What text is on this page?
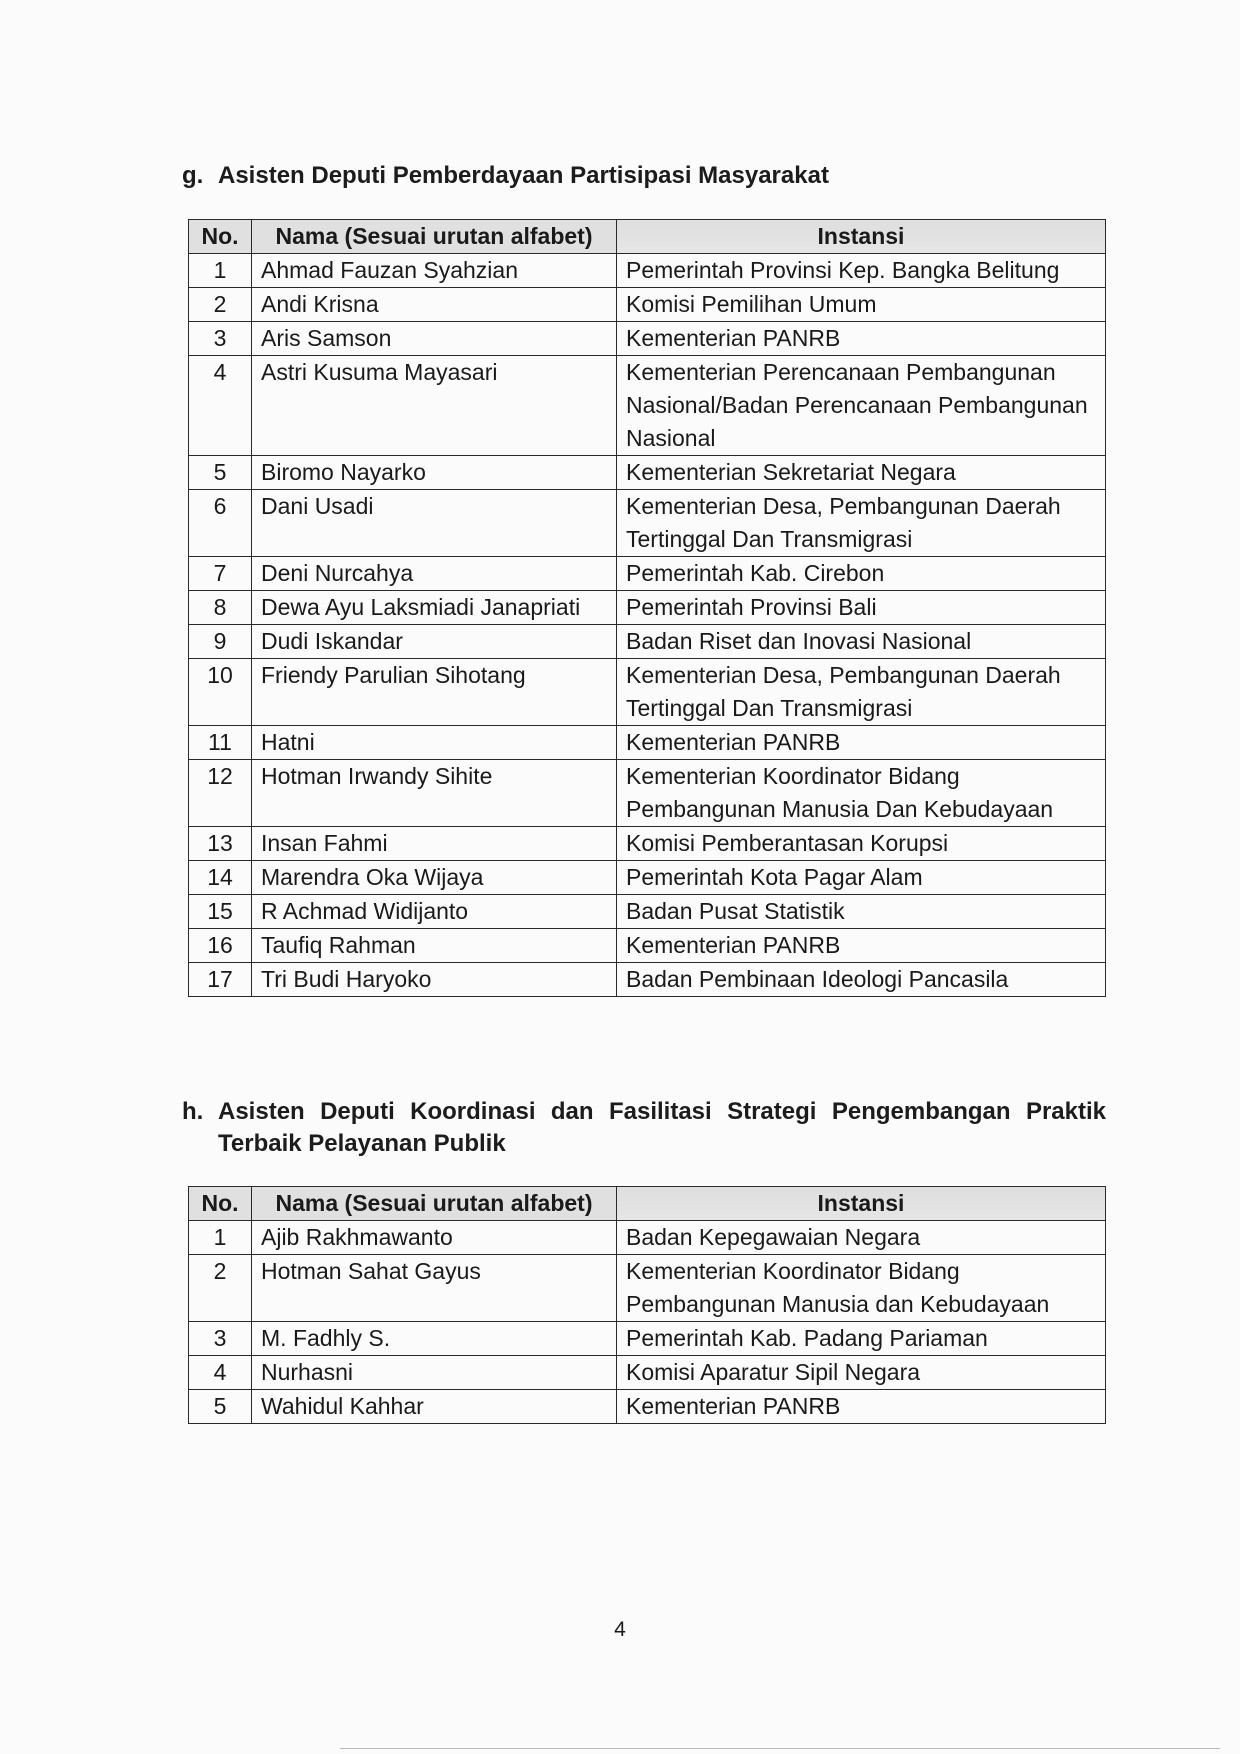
g. Asisten Deputi Pemberdayaan Partisipasi Masyarakat
No.	Nama (Sesuai urutan alfabet)	Instansi
1	Ahmad Fauzan Syahzian	Pemerintah Provinsi Kep. Bangka Belitung
2	Andi Krisna	Komisi Pemilihan Umum
3	Aris Samson	Kementerian PANRB
4	Astri Kusuma Mayasari	Kementerian Perencanaan Pembangunan Nasional/Badan Perencanaan Pembangunan Nasional
5	Biromo Nayarko	Kementerian Sekretariat Negara
6	Dani Usadi	Kementerian Desa, Pembangunan Daerah Tertinggal Dan Transmigrasi
7	Deni Nurcahya	Pemerintah Kab. Cirebon
8	Dewa Ayu Laksmiadi Janapriati	Pemerintah Provinsi Bali
9	Dudi Iskandar	Badan Riset dan Inovasi Nasional
10	Friendy Parulian Sihotang	Kementerian Desa, Pembangunan Daerah Tertinggal Dan Transmigrasi
11	Hatni	Kementerian PANRB
12	Hotman Irwandy Sihite	Kementerian Koordinator Bidang Pembangunan Manusia Dan Kebudayaan
13	Insan Fahmi	Komisi Pemberantasan Korupsi
14	Marendra Oka Wijaya	Pemerintah Kota Pagar Alam
15	R Achmad Widijanto	Badan Pusat Statistik
16	Taufiq Rahman	Kementerian PANRB
17	Tri Budi Haryoko	Badan Pembinaan Ideologi Pancasila
h. Asisten Deputi Koordinasi dan Fasilitasi Strategi Pengembangan Praktik
Terbaik Pelayanan Publik
No.	Nama (Sesuai urutan alfabet)	Instansi
1	Ajib Rakhmawanto	Badan Kepegawaian Negara
2	Hotman Sahat Gayus	Kementerian Koordinator Bidang Pembangunan Manusia dan Kebudayaan
3	M. Fadhly S.	Pemerintah Kab. Padang Pariaman
4	Nurhasni	Komisi Aparatur Sipil Negara
5	Wahidul Kahhar	Kementerian PANRB
4
